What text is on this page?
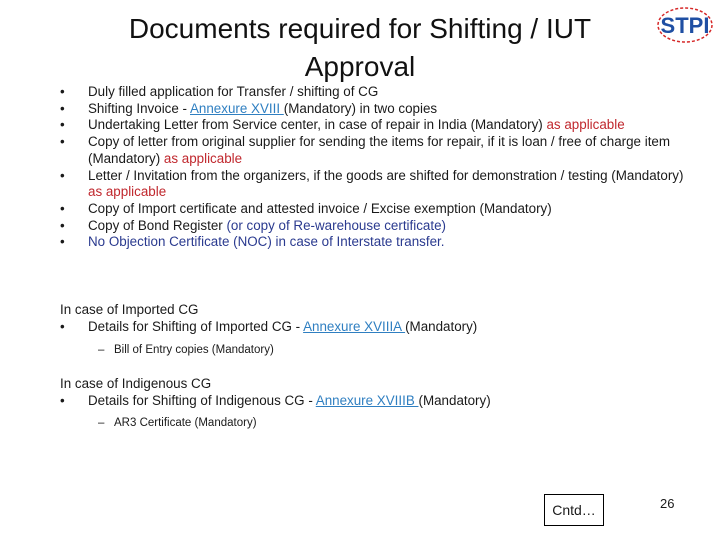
Documents required for Shifting / IUT
Approval
STPI
•	Duly filled application for Transfer / shifting of CG
•	Shifting Invoice - Annexure XVIII (Mandatory) in two copies
•	Undertaking Letter from Service center, in case of repair in India (Mandatory) as applicable
•	Copy of letter from original supplier for sending the items for repair, if it is loan / free of charge item (Mandatory) as applicable
•	Letter / Invitation from the organizers, if the goods are shifted for demonstration / testing (Mandatory) as applicable
•	Copy of Import certificate and attested invoice / Excise exemption (Mandatory)
•	Copy of Bond Register (or copy of Re-warehouse certificate)
•	No Objection Certificate (NOC) in case of Interstate transfer.
In case of Imported CG
•	Details for Shifting of Imported CG - Annexure XVIIIA (Mandatory)
– Bill of Entry copies (Mandatory)
In case of Indigenous CG
•	Details for Shifting of Indigenous CG - Annexure XVIIIB (Mandatory)
– AR3 Certificate (Mandatory)
Cntd…	26
